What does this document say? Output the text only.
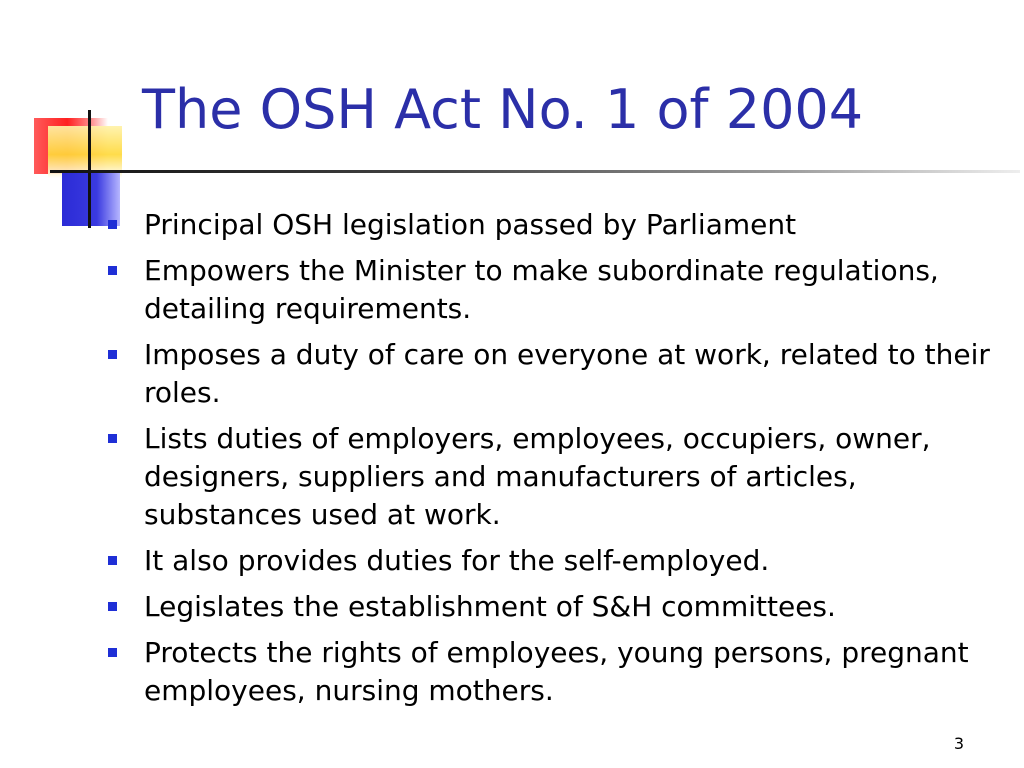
The OSH Act No. 1 of 2004
Principal OSH legislation passed by Parliament
Empowers the Minister to make subordinate regulations, detailing requirements.
Imposes a duty of care on everyone at work, related to their roles.
Lists duties of employers, employees, occupiers, owner, designers, suppliers and manufacturers of articles, substances used at work.
It also provides duties for the self-employed.
Legislates the establishment of S&H committees.
Protects the rights of employees, young persons, pregnant employees, nursing mothers.
3
